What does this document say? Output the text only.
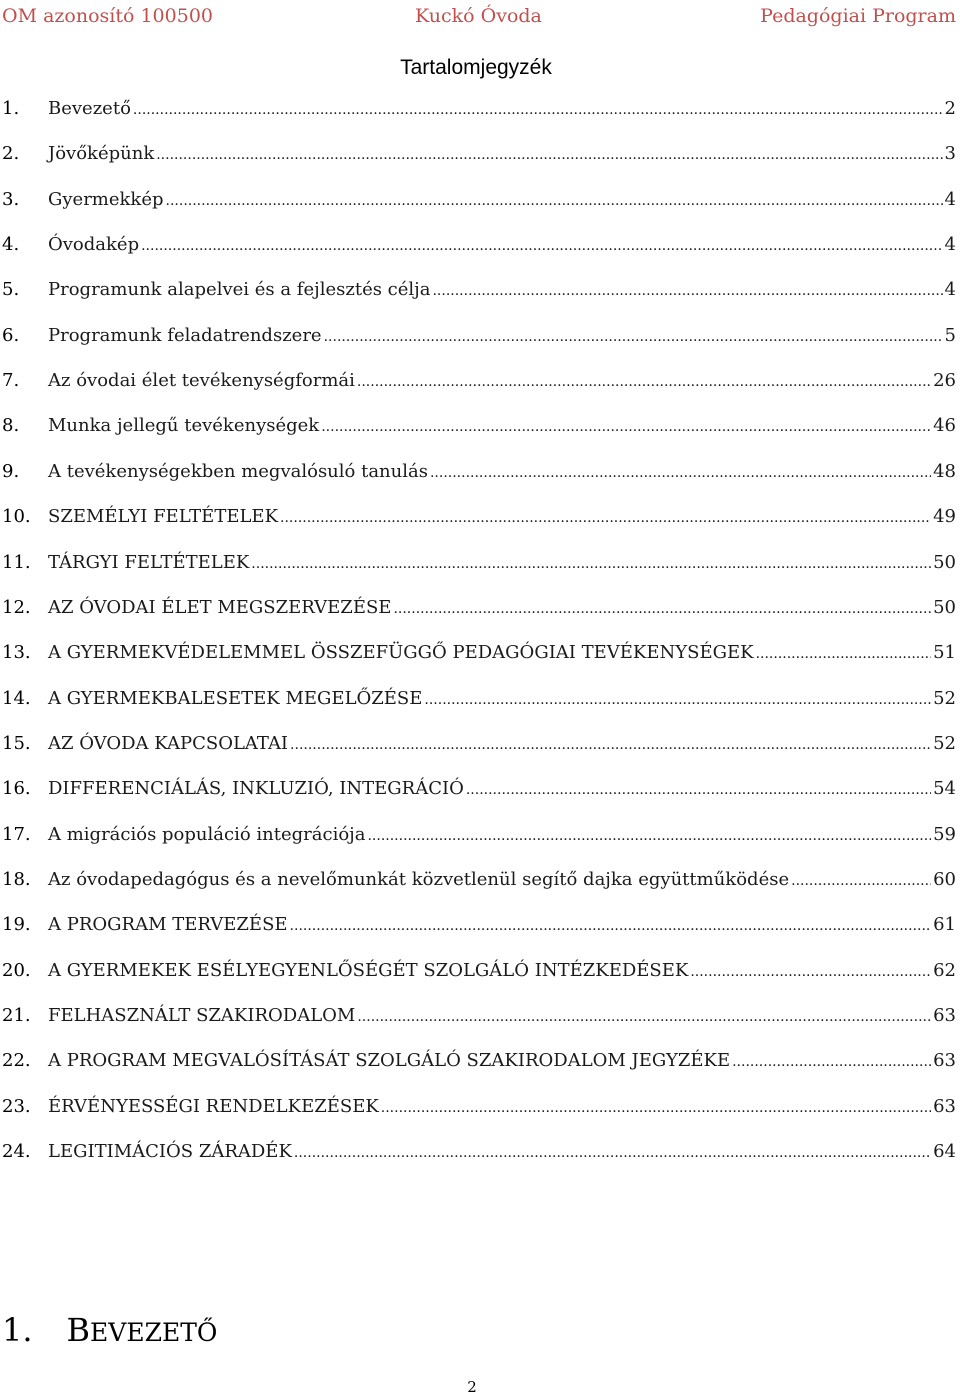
OM azonosító 100500	Kuckó Óvoda	Pedagógiai Program
Tartalomjegyzék
1. Bevezető .....	2
2. Jövőképünk .....	3
3. Gyermekkép .....	4
4. Óvodakép .....	4
5. Programunk alapelvei és a fejlesztés célja .....	4
6. Programunk feladatrendszere .....	5
7. Az óvodai élet tevékenységformái .....	26
8. Munka jellegű tevékenységek .....	46
9. A tevékenységekben megvalósuló tanulás .....	48
10. SZEMÉLYI FELTÉTELEK .....	49
11. TÁRGYI FELTÉTELEK .....	50
12. AZ ÓVODAI ÉLET MEGSZERVEZÉSE .....	50
13. A GYERMEKVÉDELEMMEL ÖSSZEFÜGGŐ PEDAGÓGIAI TEVÉKENYSÉGEK .....	51
14. A GYERMEKBALESETEK MEGELŐZÉSE .....	52
15. AZ ÓVODA KAPCSOLATAI .....	52
16. DIFFERENCIÁLÁS, INKLUZIÓ, INTEGRÁCIÓ .....	54
17. A migrációs populáció integrációja .....	59
18. Az óvodapedagógus és a nevelőmunkát közvetlenül segítő dajka együttműködése .....	60
19. A PROGRAM TERVEZÉSE .....	61
20. A GYERMEKEK ESÉLYEGYENLŐSÉGÉT SZOLGÁLÓ INTÉZKEDÉSEK .....	62
21. FELHASZNÁLT SZAKIRODALOM .....	63
22. A PROGRAM MEGVALÓSÍTÁSÁT SZOLGÁLÓ SZAKIRODALOM JEGYZÉKE .....	63
23. ÉRVÉNYESSÉGI RENDELKEZÉSEK .....	63
24. LEGITIMÁCIÓS ZÁRADÉK .....	64
1. BEVEZETŐ
2
